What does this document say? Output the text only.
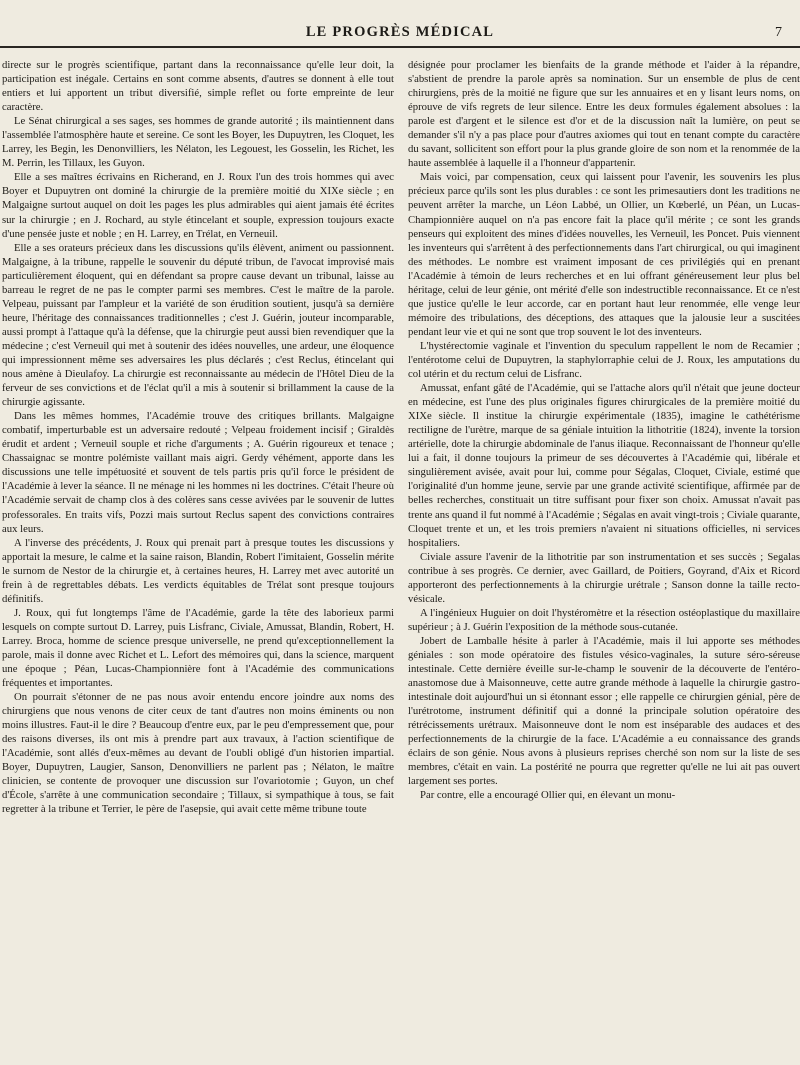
LE PROGRÈS MÉDICAL	7

directe sur le progrès scientifique, partant dans la reconnaissance qu'elle leur doit, la participation est inégale. Certains en sont comme absents, d'autres se donnent à elle tout entiers et lui apportent un tribut diversifié, simple reflet ou forte empreinte de leur caractère.

Le Sénat chirurgical a ses sages, ses hommes de grande autorité ; ils maintiennent dans l'assemblée l'atmosphère haute et sereine. Ce sont les Boyer, les Dupuytren, les Cloquet, les Larrey, les Begin, les Denonvilliers, les Nélaton, les Legouest, les Gosselin, les Richet, les M. Perrin, les Tillaux, les Guyon.

Elle a ses maîtres écrivains en Richerand, en J. Roux l'un des trois hommes qui avec Boyer et Dupuytren ont dominé la chirurgie de la première moitié du XIXe siècle ; en Malgaigne surtout auquel on doit les pages les plus admirables qui aient jamais été écrites sur la chirurgie ; en J. Rochard, au style étincelant et souple, expression toujours exacte d'une pensée juste et noble ; en H. Larrey, en Trélat, en Verneuil.

Elle a ses orateurs précieux dans les discussions qu'ils élèvent, animent ou passionnent. Malgaigne, à la tribune, rappelle le souvenir du député tribun, de l'avocat improvisé mais particulièrement éloquent, qui en défendant sa propre cause devant un tribunal, laisse au barreau le regret de ne pas le compter parmi ses membres. C'est le maître de la parole. Velpeau, puissant par l'ampleur et la variété de son érudition soutient, jusqu'à sa dernière heure, l'héritage des connaissances traditionnelles ; c'est J. Guérin, jouteur incomparable, aussi prompt à l'attaque qu'à la défense, que la chirurgie peut aussi bien revendiquer que la médecine ; c'est Verneuil qui met à soutenir des idées nouvelles, une ardeur, une éloquence qui impressionnent même ses adversaires les plus déclarés ; c'est Reclus, étincelant qui nous amène à Dieulafoy. La chirurgie est reconnaissante au médecin de l'Hôtel Dieu de la ferveur de ses convictions et de l'éclat qu'il a mis à soutenir si brillamment la cause de la chirurgie agissante.

Dans les mêmes hommes, l'Académie trouve des critiques brillants. Malgaigne combatif, imperturbable est un adversaire redouté ; Velpeau froidement incisif ; Giraldès érudit et ardent ; Verneuil souple et riche d'arguments ; A. Guérin rigoureux et tenace ; Chassaignac se montre polémiste vaillant mais aigri. Gerdy véhément, apporte dans les discussions une telle impétuosité et souvent de tels partis pris qu'il force le président de l'Académie à lever la séance. Il ne ménage ni les hommes ni les doctrines. C'était l'heure où l'Académie servait de champ clos à des colères sans cesse avivées par le souvenir de luttes professorales. En traits vifs, Pozzi mais surtout Reclus sapent des convictions contraires aux leurs.

A l'inverse des précédents, J. Roux qui prenait part à presque toutes les discussions y apportait la mesure, le calme et la saine raison, Blandin, Robert l'imitaient, Gosselin mérite le surnom de Nestor de la chirurgie et, à certaines heures, H. Larrey met avec autorité un frein à de regrettables débats. Les verdicts équitables de Trélat sont presque toujours définitifs.

J. Roux, qui fut longtemps l'âme de l'Académie, garde la tête des laborieux parmi lesquels on compte surtout D. Larrey, puis Lisfranc, Civiale, Amussat, Blandin, Robert, H. Larrey. Broca, homme de science presque universelle, ne prend qu'exceptionnellement la parole, mais il donne avec Richet et L. Lefort des mémoires qui, dans la science, marquent une époque ; Péan, Lucas-Championnière font à l'Académie des communications fréquentes et importantes.

On pourrait s'étonner de ne pas nous avoir entendu encore joindre aux noms des chirurgiens que nous venons de citer ceux de tant d'autres non moins éminents ou non moins illustres. Faut-il le dire ? Beaucoup d'entre eux, par le peu d'empressement que, pour des raisons diverses, ils ont mis à prendre part aux travaux, à l'action scientifique de l'Académie, sont allés d'eux-mêmes au devant de l'oubli obligé d'un historien impartial. Boyer, Dupuytren, Laugier, Sanson, Denonvilliers ne parlent pas ; Nélaton, le maître clinicien, se contente de provoquer une discussion sur l'ovariotomie ; Guyon, un chef d'École, s'arrête à une communication secondaire ; Tillaux, si sympathique à tous, se fait regretter à la tribune et Terrier, le père de l'asepsie, qui avait cette même tribune toute

désignée pour proclamer les bienfaits de la grande méthode et l'aider à la répandre, s'abstient de prendre la parole après sa nomination. Sur un ensemble de plus de cent chirurgiens, près de la moitié ne figure que sur les annuaires et en y lisant leurs noms, on éprouve de vifs regrets de leur silence. Entre les deux formules également absolues : la parole est d'argent et le silence est d'or et de la discussion naît la lumière, on peut se demander s'il n'y a pas place pour d'autres axiomes qui tout en tenant compte du caractère du savant, sollicitent son effort pour la plus grande gloire de son nom et la renommée de la haute assemblée à laquelle il a l'honneur d'appartenir.

Mais voici, par compensation, ceux qui laissent pour l'avenir, les souvenirs les plus précieux parce qu'ils sont les plus durables : ce sont les primesautiers dont les traditions ne peuvent arrêter la marche, un Léon Labbé, un Ollier, un Kœberlé, un Péan, un Lucas-Championnière auquel on n'a pas encore fait la place qu'il mérite ; ce sont les grands penseurs qui exploitent des mines d'idées nouvelles, les Verneuil, les Poncet. Puis viennent les inventeurs qui s'arrêtent à des perfectionnements dans l'art chirurgical, ou qui imaginent des méthodes. Le nombre est vraiment imposant de ces privilégiés qui en prenant l'Académie à témoin de leurs recherches et en lui offrant généreusement leur plus bel héritage, celui de leur génie, ont mérité d'elle son indestructible reconnaissance. Et ce n'est que justice qu'elle le leur accorde, car en portant haut leur renommée, elle venge leur mémoire des tribulations, des déceptions, des attaques que la jalousie leur a suscitées pendant leur vie et qui ne sont que trop souvent le lot des inventeurs.

L'hystérectomie vaginale et l'invention du speculum rappellent le nom de Recamier ; l'entérotome celui de Dupuytren, la staphylorraphie celui de J. Roux, les amputations du col utérin et du rectum celui de Lisfranc.

Amussat, enfant gâté de l'Académie, qui se l'attache alors qu'il n'était que jeune docteur en médecine, est l'une des plus originales figures chirurgicales de la première moitié du XIXe siècle. Il institue la chirurgie expérimentale (1835), imagine le cathétérisme rectiligne de l'urètre, marque de sa géniale intuition la lithotritie (1824), invente la torsion artérielle, dote la chirurgie abdominale de l'anus iliaque. Reconnaissant de l'honneur qu'elle lui a fait, il donne toujours la primeur de ses découvertes à l'Académie qui, libérale et singulièrement avisée, avait pour lui, comme pour Ségalas, Cloquet, Civiale, estimé que l'originalité d'un homme jeune, servie par une grande activité scientifique, affirmée par de belles recherches, constituait un titre suffisant pour fixer son choix. Amussat n'avait pas trente ans quand il fut nommé à l'Académie ; Ségalas en avait vingt-trois ; Civiale quarante, Cloquet trente et un, et les trois premiers n'avaient ni situations officielles, ni services hospitaliers.

Civiale assure l'avenir de la lithotritie par son instrumentation et ses succès ; Segalas contribue à ses progrès. Ce dernier, avec Gaillard, de Poitiers, Goyrand, d'Aix et Ricord apporteront des perfectionnements à la chirurgie urétrale ; Sanson donne la taille recto-vésicale.

A l'ingénieux Huguier on doit l'hystéromètre et la résection ostéoplastique du maxillaire supérieur ; à J. Guérin l'exposition de la méthode sous-cutanée.

Jobert de Lamballe hésite à parler à l'Académie, mais il lui apporte ses méthodes géniales : son mode opératoire des fistules vésico-vaginales, la suture séro-séreuse intestinale. Cette dernière éveille sur-le-champ le souvenir de la découverte de l'entéro-anastomose due à Maisonneuve, cette autre grande méthode à laquelle la chirurgie gastro-intestinale doit aujourd'hui un si étonnant essor ; elle rappelle ce chirurgien génial, père de l'urétrotome, instrument définitif qui a donné la principale solution opératoire des rétrécissements urétraux. Maisonneuve dont le nom est inséparable des audaces et des perfectionnements de la chirurgie de la face. L'Académie a eu connaissance des grands éclairs de son génie. Nous avons à plusieurs reprises cherché son nom sur la liste de ses membres, c'était en vain. La postérité ne pourra que regretter qu'elle ne lui ait pas ouvert largement ses portes.

Par contre, elle a encouragé Ollier qui, en élevant un monu-
